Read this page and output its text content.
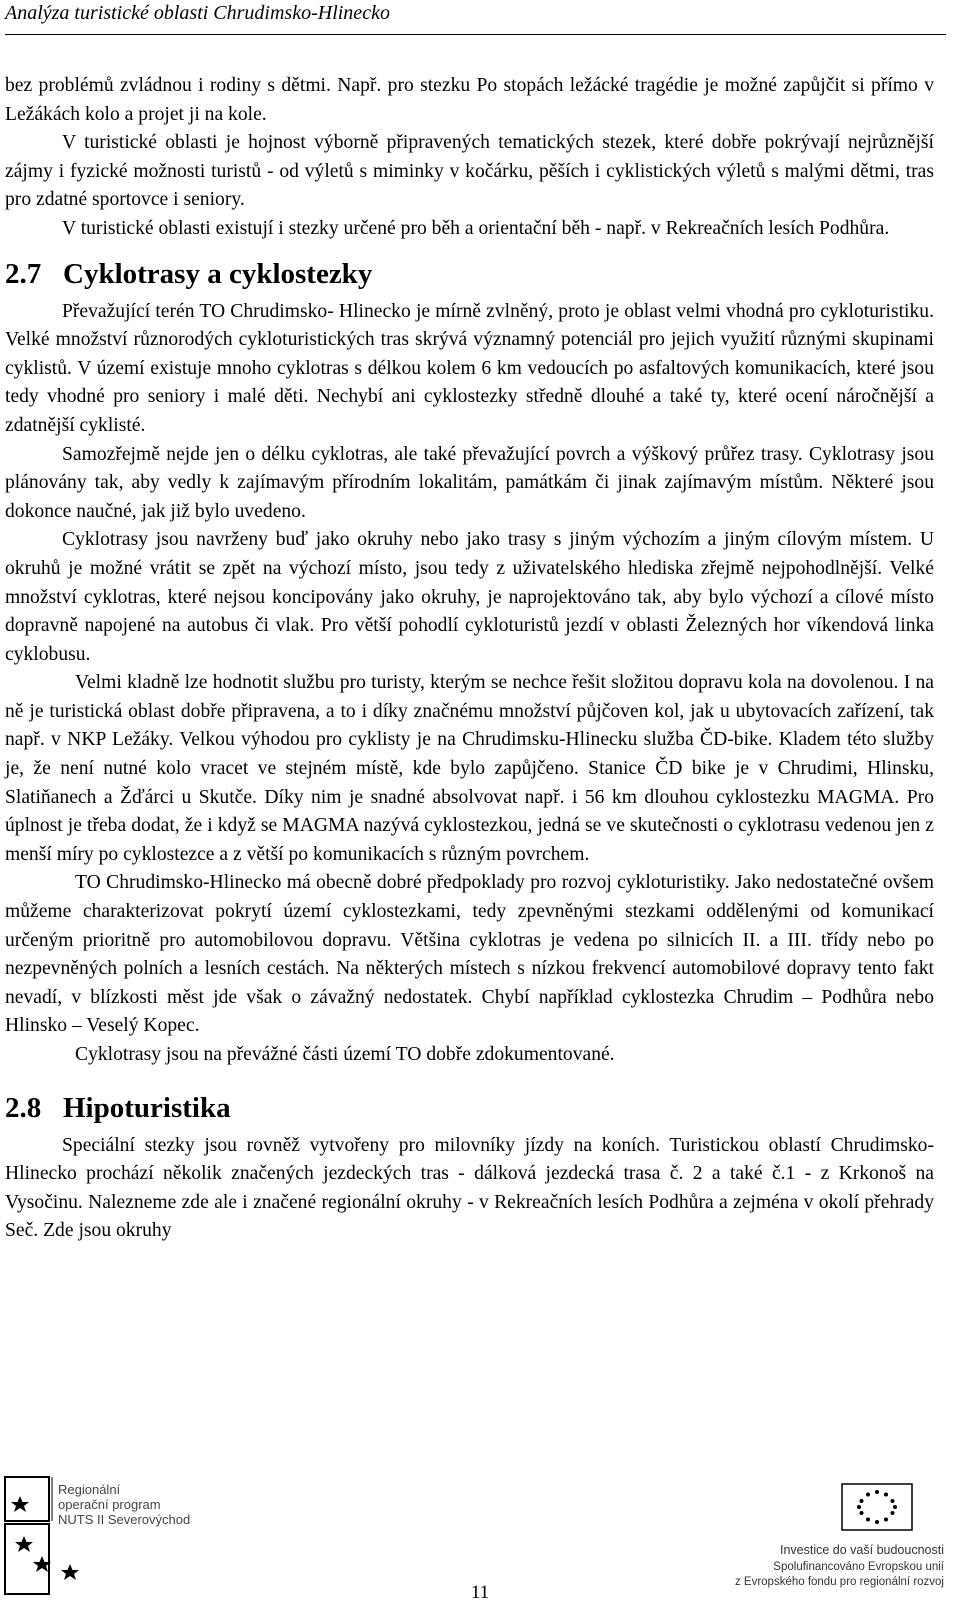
Analýza turistické oblasti Chrudimsko-Hlinecko

bez problémů zvládnou i rodiny s dětmi. Např. pro stezku Po stopách ležácké tragédie je možné zapůjčit si přímo v Ležákách kolo a projet ji na kole.

V turistické oblasti je hojnost výborně připravených tematických stezek, které dobře pokrývají nejrůznější zájmy i fyzické možnosti turistů - od výletů s miminky v kočárku, pěších i cyklistických výletů s malými dětmi, tras pro zdatné sportovce i seniory.

V turistické oblasti existují i stezky určené pro běh a orientační běh - např. v Rekreačních lesích Podhůra.

2.7 Cyklotrasy a cyklostezky

Převažující terén TO Chrudimsko- Hlinecko je mírně zvlněný, proto je oblast velmi vhodná pro cykloturistiku. Velké množství různorodých cykloturistických tras skrývá významný potenciál pro jejich využití různými skupinami cyklistů. V území existuje mnoho cyklotras s délkou kolem 6 km vedoucích po asfaltových komunikacích, které jsou tedy vhodné pro seniory i malé děti. Nechybí ani cyklostezky středně dlouhé a také ty, které ocení náročnější a zdatnější cyklisté.

Samozřejmě nejde jen o délku cyklotras, ale také převažující povrch a výškový průřez trasy. Cyklotrasy jsou plánovány tak, aby vedly k zajímavým přírodním lokalitám, památkám či jinak zajímavým místům. Některé jsou dokonce naučné, jak již bylo uvedeno.

Cyklotrasy jsou navrženy buď jako okruhy nebo jako trasy s jiným výchozím a jiným cílovým místem. U okruhů je možné vrátit se zpět na výchozí místo, jsou tedy z uživatelského hlediska zřejmě nejpohodlnější. Velké množství cyklotras, které nejsou koncipovány jako okruhy, je naprojektováno tak, aby bylo výchozí a cílové místo dopravně napojené na autobus či vlak. Pro větší pohodlí cykloturistů jezdí v oblasti Železných hor víkendová linka cyklobusu.

Velmi kladně lze hodnotit službu pro turisty, kterým se nechce řešit složitou dopravu kola na dovolenou. I na ně je turistická oblast dobře připravena, a to i díky značnému množství půjčoven kol, jak u ubytovacích zařízení, tak např. v NKP Ležáky. Velkou výhodou pro cyklisty je na Chrudimsku-Hlinecku služba ČD-bike. Kladem této služby je, že není nutné kolo vracet ve stejném místě, kde bylo zapůjčeno. Stanice ČD bike je v Chrudimi, Hlinsku, Slatiňanech a Žďárci u Skutče. Díky nim je snadné absolvovat např. i 56 km dlouhou cyklostezku MAGMA. Pro úplnost je třeba dodat, že i když se MAGMA nazývá cyklostezkou, jedná se ve skutečnosti o cyklotrasu vedenou jen z menší míry po cyklostezce a z větší po komunikacích s různým povrchem.

TO Chrudimsko-Hlinecko má obecně dobré předpoklady pro rozvoj cykloturistiky. Jako nedostatečné ovšem můžeme charakterizovat pokrytí území cyklostezkami, tedy zpevněnými stezkami oddělenými od komunikací určeným prioritně pro automobilovou dopravu. Většina cyklotras je vedena po silnicích II. a III. třídy nebo po nezpevněných polních a lesních cestách. Na některých místech s nízkou frekvencí automobilové dopravy tento fakt nevadí, v blízkosti měst jde však o závažný nedostatek. Chybí například cyklostezka Chrudim – Podhůra nebo Hlinsko – Veselý Kopec.

Cyklotrasy jsou na převážné části území TO dobře zdokumentované.

2.8 Hipoturistika

Speciální stezky jsou rovněž vytvořeny pro milovníky jízdy na koních. Turistickou oblastí Chrudimsko-Hlinecko prochází několik značených jezdeckých tras - dálková jezdecká trasa č. 2 a také č.1 - z Krkonoš na Vysočinu. Nalezneme zde ale i značené regionální okruhy - v Rekreačních lesích Podhůra a zejména v okolí přehrady Seč. Zde jsou okruhy

Regionální
operační program
NUTS II Severovýchod
Investice do vaší budoucnosti
Spolufinancováno Evropskou unií
z Evropského fondu pro regionální rozvoj
11
